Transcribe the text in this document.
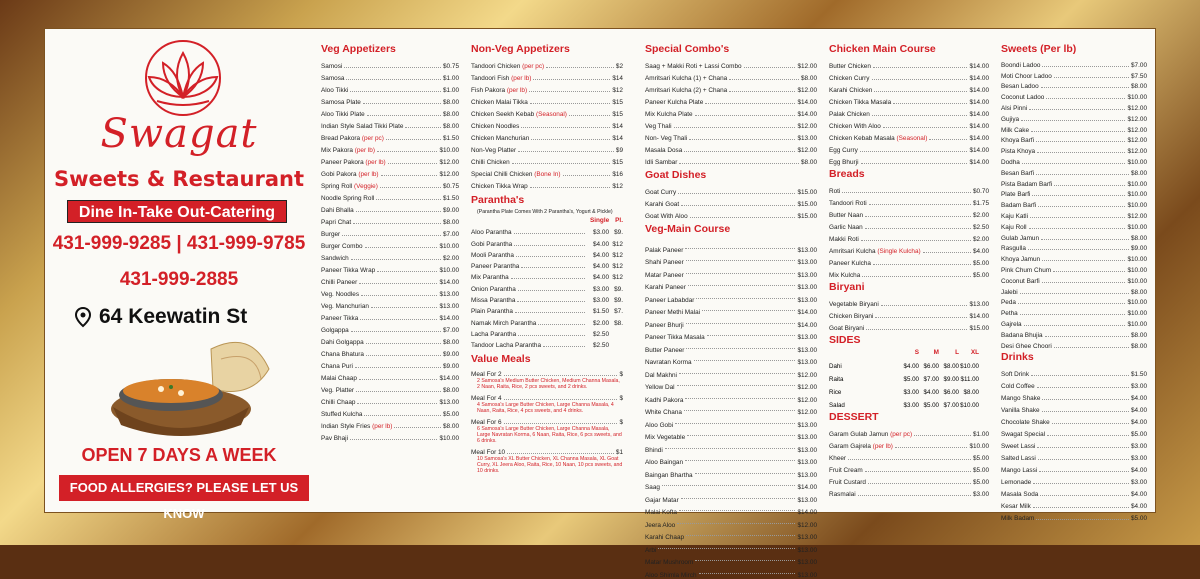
Swagat
Sweets & Restaurant
Dine In-Take Out-Catering
431-999-9285 | 431-999-9785
431-999-2885
64 Keewatin St
OPEN 7 DAYS A WEEK
FOOD ALLERGIES? PLEASE LET US KNOW
Veg Appetizers
Samosi	$0.75
Samosa	$1.00
Aloo Tikki	$1.00
Samosa Plate	$8.00
Aloo Tikki Plate	$8.00
Indian Style Salad Tikki Plate	$8.00
Bread Pakora (per pc)	$1.50
Mix Pakora (per lb)	$10.00
Paneer Pakora (per lb)	$12.00
Gobi Pakora (per lb)	$12.00
Spring Roll (Veggie)	$0.75
Noodle Spring Roll	$1.50
Dahi Bhalla	$9.00
Papri Chat	$8.00
Burger	$7.00
Burger Combo	$10.00
Sandwich	$2.00
Paneer Tikka Wrap	$10.00
Chilli Paneer	$14.00
Veg. Noodles	$13.00
Veg. Manchurian	$13.00
Paneer Tikka	$14.00
Golgappa	$7.00
Dahi Golgappa	$8.00
Chana Bhatura	$9.00
Chana Puri	$9.00
Malai Chaap	$14.00
Veg. Platter	$8.00
Chilli Chaap	$13.00
Stuffed Kulcha	$5.00
Indian Style Fries (per lb)	$8.00
Pav Bhaji	$10.00
Non-Veg Appetizers
Tandoori Chicken (per pc)	$2
Tandoori Fish (per lb)	$14
Fish Pakora (per lb)	$12
Chicken Malai Tikka	$15
Chicken Seekh Kebab (Seasonal)	$15
Chicken Noodles	$14
Chicken Manchurian	$14
Non-Veg Platter	$9
Chilli Chicken	$15
Special Chilli Chicken (Bone In)	$16
Chicken Tikka Wrap	$12
Parantha's
(Parantha Plate Comes With 2 Parantha's, Yogurt & Pickle)
Single Pl.
Aloo Parantha	$3.00 $9.
Gobi Parantha	$4.00 $12
Mooli Parantha	$4.00 $12
Paneer Parantha	$4.00 $12
Mix Parantha	$4.00 $12
Onion Parantha	$3.00 $9.
Missa Parantha	$3.00 $9.
Plain Parantha	$1.50 $7.
Namak Mirch Parantha	$2.00 $8.
Lacha Parantha	$2.50
Tandoor Lacha Parantha	$2.50
Value Meals
Meal For 2	$
2 Samosa's Medium Butter Chicken, Medium Channa Masala, 2 Naan, Raita, Rice, 2 pcs sweets, and 2 drinks.
Meal For 4	$
4 Samosa's Large Butter Chicken, Large Channa Masala, 4 Naan, Raita, Rice, 4 pcs sweets, and 4 drinks.
Meal For 6	$
6 Samosa's Large Butter Chicken, Large Channa Masala, Large Navratan Korma, 6 Naan, Raita, Rice, 6 pcs sweets, and 6 drinks.
Meal For 10	$1
10 Samosa's XL Butter Chicken, XL Channa Masala, XL Goat Curry, XL Jeera Aloo, Raita, Rice, 10 Naan, 10 pcs sweets, and 10 drinks.
Special Combo's
Saag + Makki Roti + Lassi Combo	$12.00
Amritsari Kulcha (1) + Chana	$8.00
Amritsari Kulcha (2) + Chana	$12.00
Paneer Kulcha Plate	$14.00
Mix Kulcha Plate	$14.00
Veg Thali	$12.00
Non- Veg Thali	$13.00
Masala Dosa	$12.00
Idli Sambar	$8.00
Goat Dishes
Goat Curry	$15.00
Karahi Goat	$15.00
Goat With Aloo	$15.00
Veg-Main Course
Palak Paneer	$13.00
Shahi Paneer	$13.00
Matar Paneer	$13.00
Karahi Paneer	$13.00
Paneer Lababdar	$13.00
Paneer Methi Malai	$14.00
Paneer Bhurji	$14.00
Paneer Tikka Masala	$13.00
Butter Paneer	$13.00
Navratan Korma	$13.00
Dal Makhni	$12.00
Yellow Dal	$12.00
Kadhi Pakora	$12.00
White Chana	$12.00
Aloo Gobi	$13.00
Mix Vegetable	$13.00
Bhindi	$13.00
Aloo Baingan	$13.00
Baingan Bhartha	$13.00
Saag	$14.00
Gajar Matar	$13.00
Malai Kofta	$14.00
Jeera Aloo	$12.00
Karahi Chaap	$13.00
Arbi	$13.00
Matar Mushroom	$13.00
Aloo Shimla Mirch	$13.00
Chicken Main Course
Butter Chicken	$14.00
Chicken Curry	$14.00
Karahi Chicken	$14.00
Chicken Tikka Masala	$14.00
Palak Chicken	$14.00
Chicken With Aloo	$14.00
Chicken Kebab Masala (Seasonal)	$14.00
Egg Curry	$14.00
Egg Bhurji	$14.00
Breads
Roti	$0.70
Tandoori Roti	$1.75
Butter Naan	$2.00
Garlic Naan	$2.50
Makki Roti	$2.00
Amritsari Kulcha (Single Kulcha)	$4.00
Paneer Kulcha	$5.00
Mix Kulcha	$5.00
Biryani
Vegetable Biryani	$13.00
Chicken Biryani	$14.00
Goat Biryani	$15.00
SIDES
S	M	L	XL
Dahi	$4.00 $6.00 $8.00 $10.00
Raita	$5.00 $7.00 $9.00 $11.00
Rice	$3.00 $4.00 $6.00 $8.00
Salad	$3.00 $5.00 $7.00 $10.00
DESSERT
Garam Gulab Jamun (per pc)	$1.00
Garam Gajrela (per lb)	$10.00
Kheer	$5.00
Fruit Cream	$5.00
Fruit Custard	$5.00
Rasmalai	$3.00
Sweets (Per lb)
Boondi Ladoo	$7.00
Moti Choor Ladoo	$7.50
Besan Ladoo	$8.00
Coconut Ladoo	$10.00
Alsi Pinni	$12.00
Gujiya	$12.00
Milk Cake	$12.00
Khoya Barfi	$12.00
Pista Khoya	$12.00
Dodha	$10.00
Besan Barfi	$8.00
Pista Badam Barfi	$10.00
Plate Barfi	$10.00
Badam Barfi	$10.00
Kaju Katli	$12.00
Kaju Roll	$10.00
Gulab Jamun	$8.00
Rasgulla	$9.00
Khoya Jamun	$10.00
Pink Chum Chum	$10.00
Coconut Barfi	$10.00
Jalebi	$8.00
Peda	$10.00
Petha	$10.00
Gajrela	$10.00
Badana Bhujia	$8.00
Desi Ghee Choori	$8.00
Drinks
Soft Drink	$1.50
Cold Coffee	$3.00
Mango Shake	$4.00
Vanilla Shake	$4.00
Chocolate Shake	$4.00
Swagat Special	$5.00
Sweet Lassi	$3.00
Salted Lassi	$3.00
Mango Lassi	$4.00
Lemonade	$3.00
Masala Soda	$4.00
Kesar Milk	$4.00
Milk Badam	$5.00
